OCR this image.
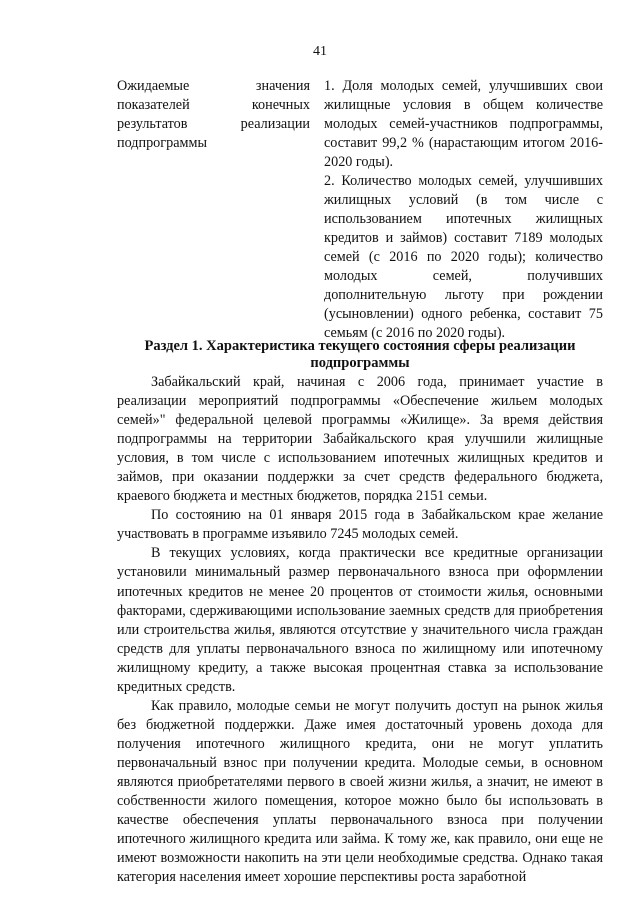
41
Ожидаемые значения показателей конечных результатов реализации подпрограммы

1. Доля молодых семей, улучшивших свои жилищные условия в общем количестве молодых семей-участников подпрограммы, составит 99,2 % (нарастающим итогом 2016-2020 годы).

2. Количество молодых семей, улучшивших жилищных условий (в том числе с использованием ипотечных жилищных кредитов и займов) составит 7189 молодых семей (с 2016 по 2020 годы); количество молодых семей, получивших дополнительную льготу при рождении (усыновлении) одного ребенка, составит 75 семьям (с 2016 по 2020 годы).

Раздел 1. Характеристика текущего состояния сферы реализации подпрограммы

Забайкальский край, начиная с 2006 года, принимает участие в реализации мероприятий подпрограммы «Обеспечение жильем молодых семей»" федеральной целевой программы «Жилище». За время действия подпрограммы на территории Забайкальского края улучшили жилищные условия, в том числе с использованием ипотечных жилищных кредитов и займов, при оказании поддержки за счет средств федерального бюджета, краевого бюджета и местных бюджетов, порядка 2151 семьи.

По состоянию на 01 января 2015 года в Забайкальском крае желание участвовать в программе изъявило 7245 молодых семей.

В текущих условиях, когда практически все кредитные организации установили минимальный размер первоначального взноса при оформлении ипотечных кредитов не менее 20 процентов от стоимости жилья, основными факторами, сдерживающими использование заемных средств для приобретения или строительства жилья, являются отсутствие у значительного числа граждан средств для уплаты первоначального взноса по жилищному или ипотечному жилищному кредиту, а также высокая процентная ставка за использование кредитных средств.

Как правило, молодые семьи не могут получить доступ на рынок жилья без бюджетной поддержки. Даже имея достаточный уровень дохода для получения ипотечного жилищного кредита, они не могут уплатить первоначальный взнос при получении кредита. Молодые семьи, в основном являются приобретателями первого в своей жизни жилья, а значит, не имеют в собственности жилого помещения, которое можно было бы использовать в качестве обеспечения уплаты первоначального взноса при получении ипотечного жилищного кредита или займа. К тому же, как правило, они еще не имеют возможности накопить на эти цели необходимые средства. Однако такая категория населения имеет хорошие перспективы роста заработной
